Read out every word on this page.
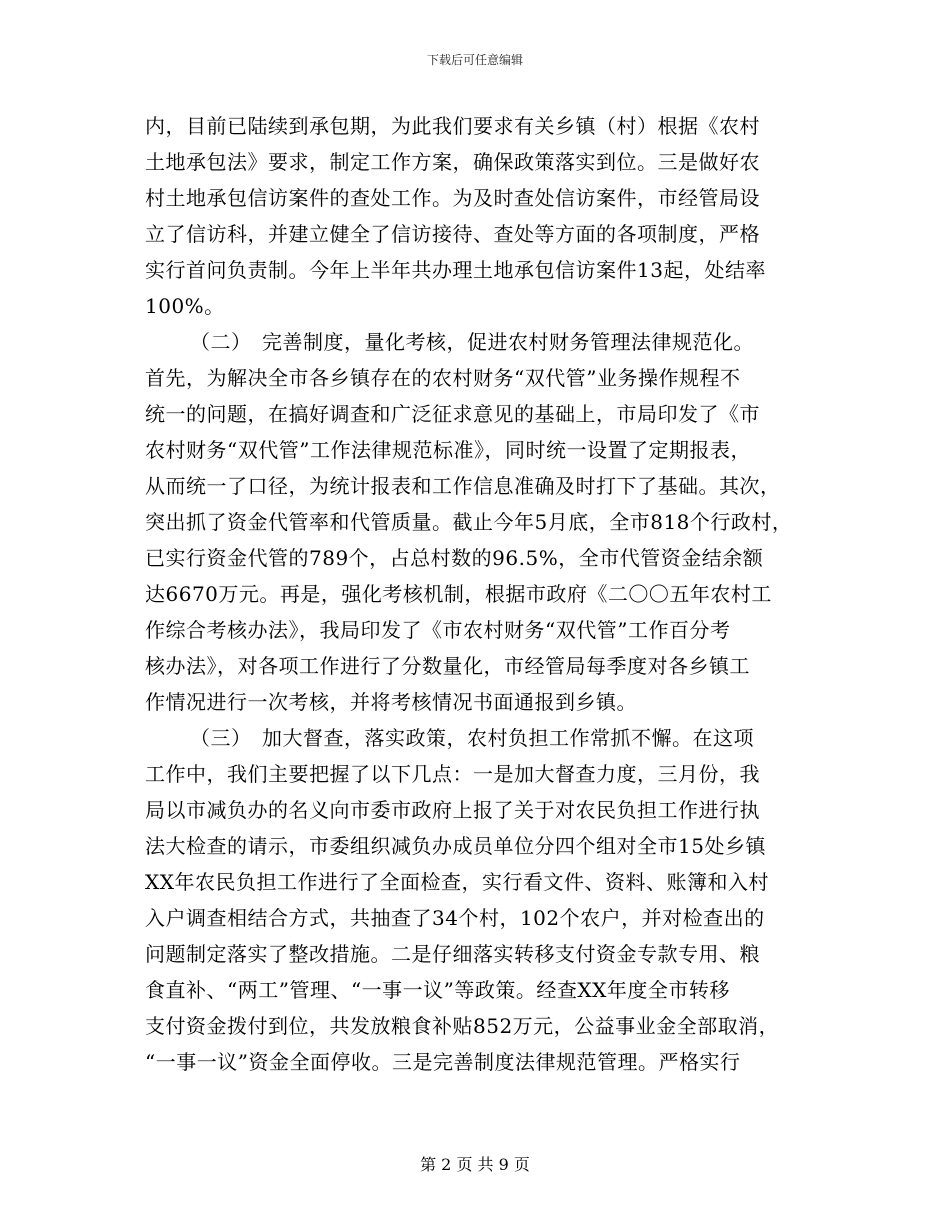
下载后可任意编辑
内，目前已陆续到承包期，为此我们要求有关乡镇（村）根据《农村
土地承包法》要求，制定工作方案，确保政策落实到位。三是做好农
村土地承包信访案件的查处工作。为及时查处信访案件，市经管局设
立了信访科，并建立健全了信访接待、查处等方面的各项制度，严格
实行首问负责制。今年上半年共办理土地承包信访案件13起，处结率
100%。
（二）　完善制度，量化考核，促进农村财务管理法律规范化。
首先，为解决全市各乡镇存在的农村财务“双代管”业务操作规程不
统一的问题，在搞好调查和广泛征求意见的基础上，市局印发了《市
农村财务“双代管”工作法律规范标准》，同时统一设置了定期报表，
从而统一了口径，为统计报表和工作信息准确及时打下了基础。其次，
突出抓了资金代管率和代管质量。截止今年5月底，全市818个行政村，
已实行资金代管的789个，占总村数的96.5%，全市代管资金结余额
达6670万元。再是，强化考核机制，根据市政府《二〇〇五年农村工
作综合考核办法》，我局印发了《市农村财务“双代管”工作百分考
核办法》，对各项工作进行了分数量化，市经管局每季度对各乡镇工
作情况进行一次考核，并将考核情况书面通报到乡镇。
（三）　加大督查，落实政策，农村负担工作常抓不懈。在这项
工作中，我们主要把握了以下几点：一是加大督查力度，三月份，我
局以市减负办的名义向市委市政府上报了关于对农民负担工作进行执
法大检查的请示，市委组织减负办成员单位分四个组对全市15处乡镇
XX年农民负担工作进行了全面检查，实行看文件、资料、账簿和入村
入户调查相结合方式，共抽查了34个村，102个农户，并对检查出的
问题制定落实了整改措施。二是仔细落实转移支付资金专款专用、粮
食直补、“两工”管理、“一事一议”等政策。经查XX年度全市转移
支付资金拨付到位，共发放粮食补贴852万元，公益事业金全部取消，
“一事一议”资金全面停收。三是完善制度法律规范管理。严格实行
第 2 页 共 9 页
